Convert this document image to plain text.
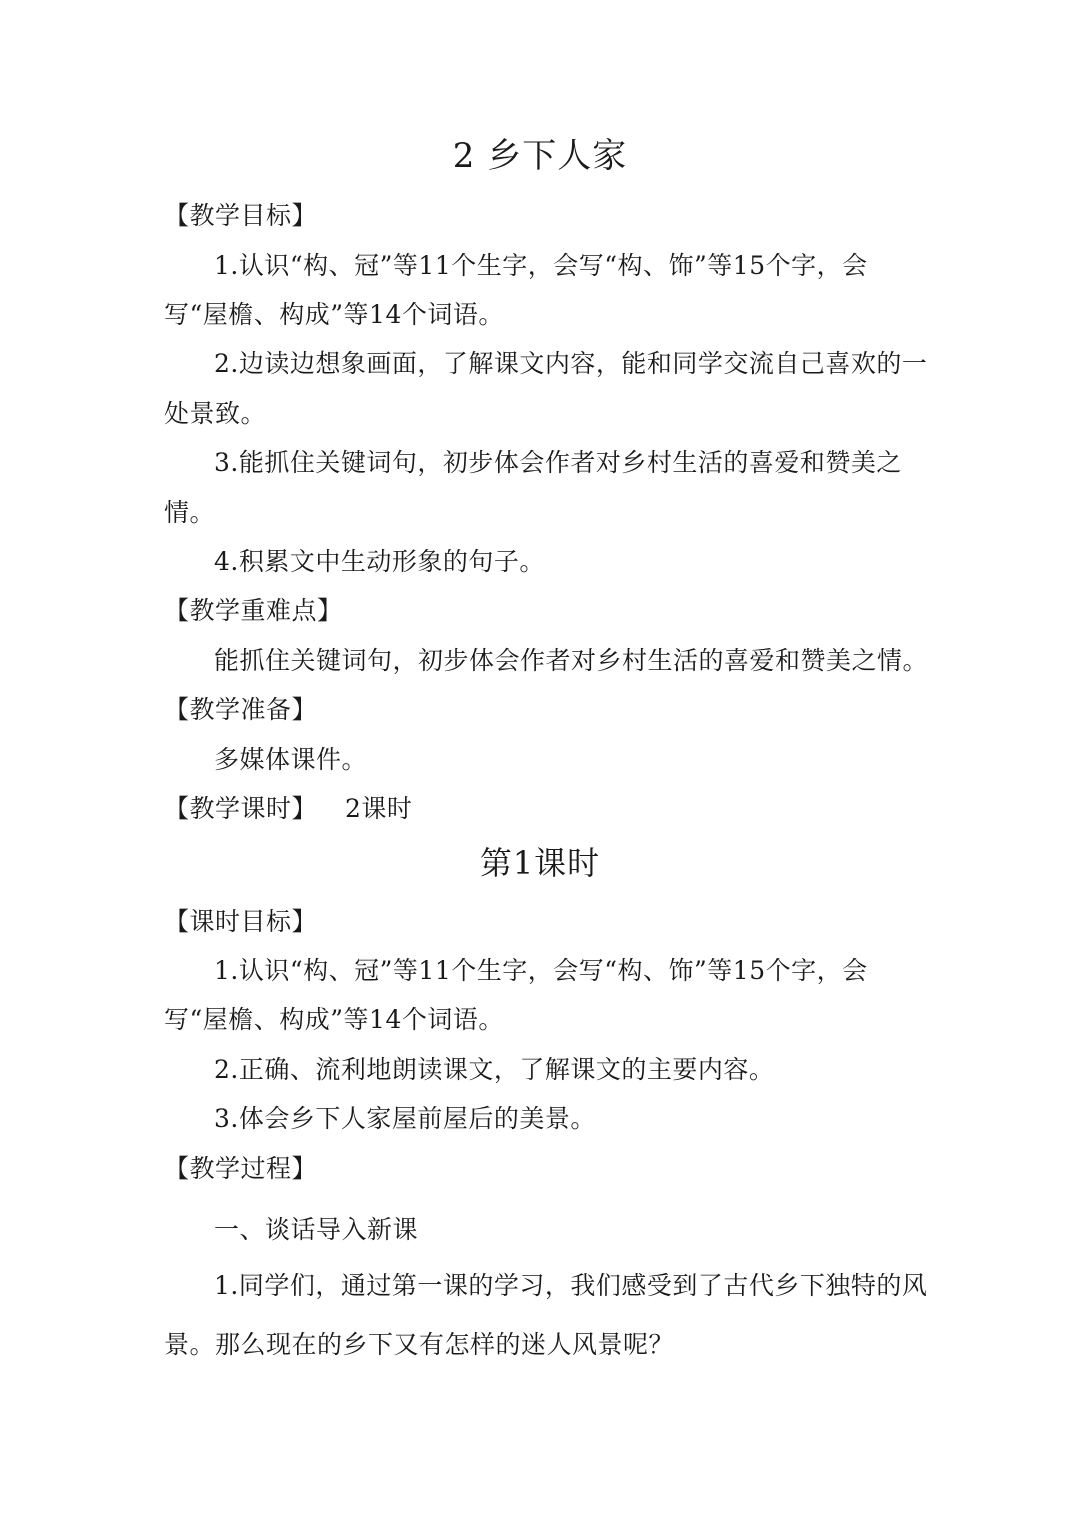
2 乡下人家
【教学目标】
1.认识“构、冠”等11个生字，会写“构、饰”等15个字，会
写“屋檐、构成”等14个词语。
2.边读边想象画面，了解课文内容，能和同学交流自己喜欢的一
处景致。
3.能抓住关键词句，初步体会作者对乡村生活的喜爱和赞美之
情。
4.积累文中生动形象的句子。
【教学重难点】
能抓住关键词句，初步体会作者对乡村生活的喜爱和赞美之情。
【教学准备】
多媒体课件。
【教学课时】 2课时
第1课时
【课时目标】
1.认识“构、冠”等11个生字，会写“构、饰”等15个字，会
写“屋檐、构成”等14个词语。
2.正确、流利地朗读课文，了解课文的主要内容。
3.体会乡下人家屋前屋后的美景。
【教学过程】
一、谈话导入新课
1.同学们，通过第一课的学习，我们感受到了古代乡下独特的风
景。那么现在的乡下又有怎样的迷人风景呢？
